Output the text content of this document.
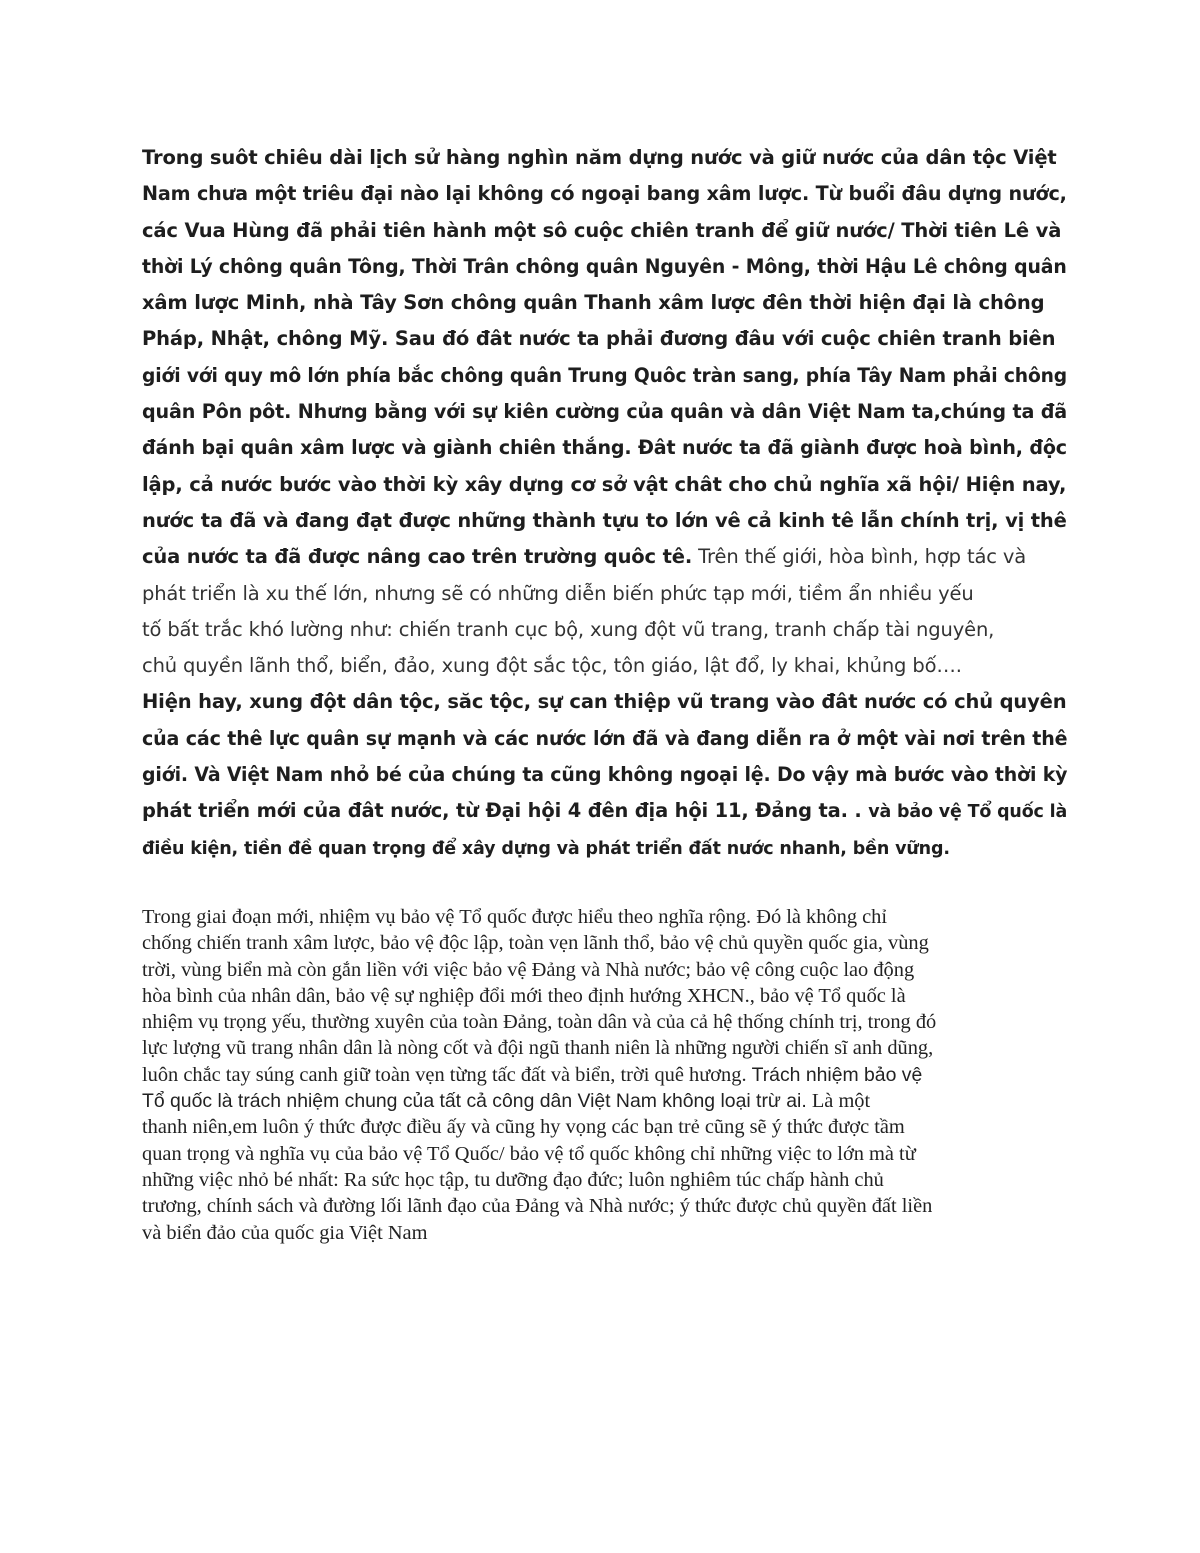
Trong suôt chiêu dài lịch sử hàng nghìn năm dựng nước và giữ nước của dân tộc Việt
Nam chưa một triêu đại nào lại không có ngoại bang xâm lược. Từ buổi đâu dựng nước,
các Vua Hùng đã phải tiên hành một sô cuộc chiên tranh để giữ nước/ Thời tiên Lê và
thời Lý chông quân Tông, Thời Trân chông quân Nguyên - Mông, thời Hậu Lê chông quân
xâm lược Minh, nhà Tây Sơn chông quân Thanh xâm lược đên thời hiện đại là chông
Pháp, Nhật, chông Mỹ. Sau đó đât nước ta phải đương đâu với cuộc chiên tranh biên
giới với quy mô lớn phía bắc chông quân Trung Quôc tràn sang, phía Tây Nam phải chông
quân Pôn pôt. Nhưng bằng với sự kiên cường của quân và dân Việt Nam ta,chúng ta đã
đánh bại quân xâm lược và giành chiên thắng. Đât nước ta đã giành được hoà bình, độc
lập, cả nước bước vào thời kỳ xây dựng cơ sở vật chât cho chủ nghĩa xã hội/ Hiện nay,
nước ta đã và đang đạt được những thành tựu to lớn vê cả kinh tê lẫn chính trị, vị thê
của nước ta đã được nâng cao trên trường quôc tê. Trên thế giới, hòa bình, hợp tác và
phát triển là xu thế lớn, nhưng sẽ có những diễn biến phức tạp mới, tiềm ẩn nhiều yếu
tố bất trắc khó lường như: chiến tranh cục bộ, xung đột vũ trang, tranh chấp tài nguyên,
chủ quyền lãnh thổ, biển, đảo, xung đột sắc tộc, tôn giáo, lật đổ, ly khai, khủng bố….
Hiện hay, xung đột dân tộc, săc tộc, sự can thiệp vũ trang vào đât nước có chủ quyên
của các thê lực quân sự mạnh và các nước lớn đã và đang diễn ra ở một vài nơi trên thê
giới. Và Việt Nam nhỏ bé của chúng ta cũng không ngoại lệ. Do vậy mà bước vào thời kỳ
phát triển mới của đât nước, từ Đại hội 4 đên địa hội 11, Đảng ta. . và bảo vệ Tổ quốc là
điều kiện, tiền đề quan trọng để xây dựng và phát triển đất nước nhanh, bền vững.
Trong giai đoạn mới, nhiệm vụ bảo vệ Tổ quốc được hiểu theo nghĩa rộng. Đó là không chỉ
chống chiến tranh xâm lược, bảo vệ độc lập, toàn vẹn lãnh thổ, bảo vệ chủ quyền quốc gia, vùng
trời, vùng biển mà còn gắn liền với việc bảo vệ Đảng và Nhà nước; bảo vệ công cuộc lao động
hòa bình của nhân dân, bảo vệ sự nghiệp đổi mới theo định hướng XHCN., bảo vệ Tổ quốc là
nhiệm vụ trọng yếu, thường xuyên của toàn Đảng, toàn dân và của cả hệ thống chính trị, trong đó
lực lượng vũ trang nhân dân là nòng cốt và đội ngũ thanh niên là những người chiến sĩ anh dũng,
luôn chắc tay súng canh giữ toàn vẹn từng tấc đất và biển, trời quê hương. Trách nhiệm bảo vệ
Tổ quốc là trách nhiệm chung của tất cả công dân Việt Nam không loại trừ ai. Là một
thanh niên,em luôn ý thức được điều ấy và cũng hy vọng các bạn trẻ cũng sẽ ý thức được tầm
quan trọng và nghĩa vụ của bảo vệ Tổ Quốc/ bảo vệ tổ quốc không chỉ những việc to lớn mà từ
những việc nhỏ bé nhất: Ra sức học tập, tu dưỡng đạo đức; luôn nghiêm túc chấp hành chủ
trương, chính sách và đường lối lãnh đạo của Đảng và Nhà nước; ý thức được chủ quyền đất liền
và biển đảo của quốc gia Việt Nam
